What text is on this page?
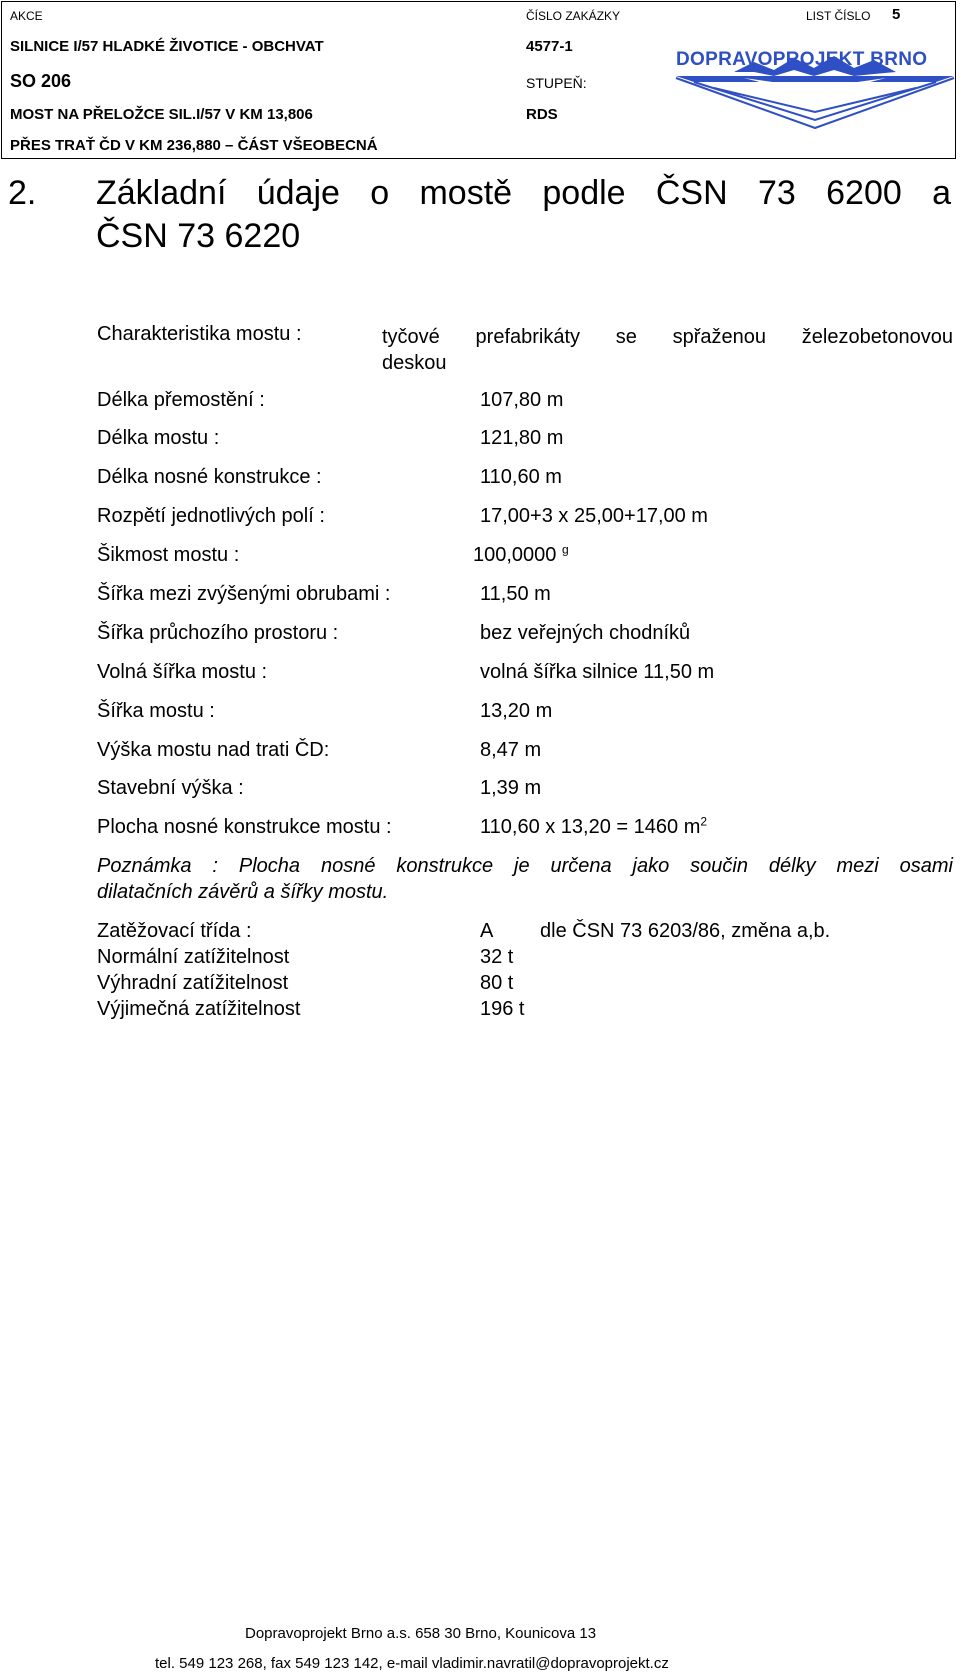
AKCE
SILNICE I/57 HLADKÉ ŽIVOTICE - OBCHVAT
SO 206
MOST NA PŘELOŽCE SIL.I/57 V KM 13,806
PŘES TRAŤ ČD V KM 236,880 – ČÁST VŠEOBECNÁ
ČÍSLO ZAKÁZKY
4577-1
STUPEŇ:
RDS
LIST ČÍSLO 5
DOPRAVOPROJEKT BRNO
2. Základní údaje o mostě podle ČSN 73 6200 a
ČSN 73 6220
Charakteristika mostu :	tyčové prefabrikáty se spřaženou železobetonovou
deskou
Délka přemostění :	107,80 m
Délka mostu :	121,80 m
Délka nosné konstrukce :	110,60 m
Rozpětí jednotlivých polí :	17,00+3 x 25,00+17,00 m
Šikmost mostu :	100,0000 $^g$
Šířka mezi zvýšenými obrubami :	11,50 m
Šířka průchozího prostoru :	bez veřejných chodníků
Volná šířka mostu :	volná šířka silnice 11,50 m
Šířka mostu :	13,20 m
Výška mostu nad trati ČD:	8,47 m
Stavební výška :	1,39 m
Plocha nosné konstrukce mostu :	110,60 x 13,20 = 1460 $m^2$
Poznámka : Plocha nosné konstrukce je určena jako součin délky mezi osami
dilatačních závěrů a šířky mostu.
Zatěžovací třída :	A dle ČSN 73 6203/86, změna a,b.
Normální zatížitelnost	32 t
Výhradní zatížitelnost	80 t
Výjimečná zatížitelnost	196 t
Dopravoprojekt Brno a.s. 658 30 Brno, Kounicova 13
tel. 549 123 268, fax 549 123 142, e-mail vladimir.navratil@dopravoprojekt.cz
